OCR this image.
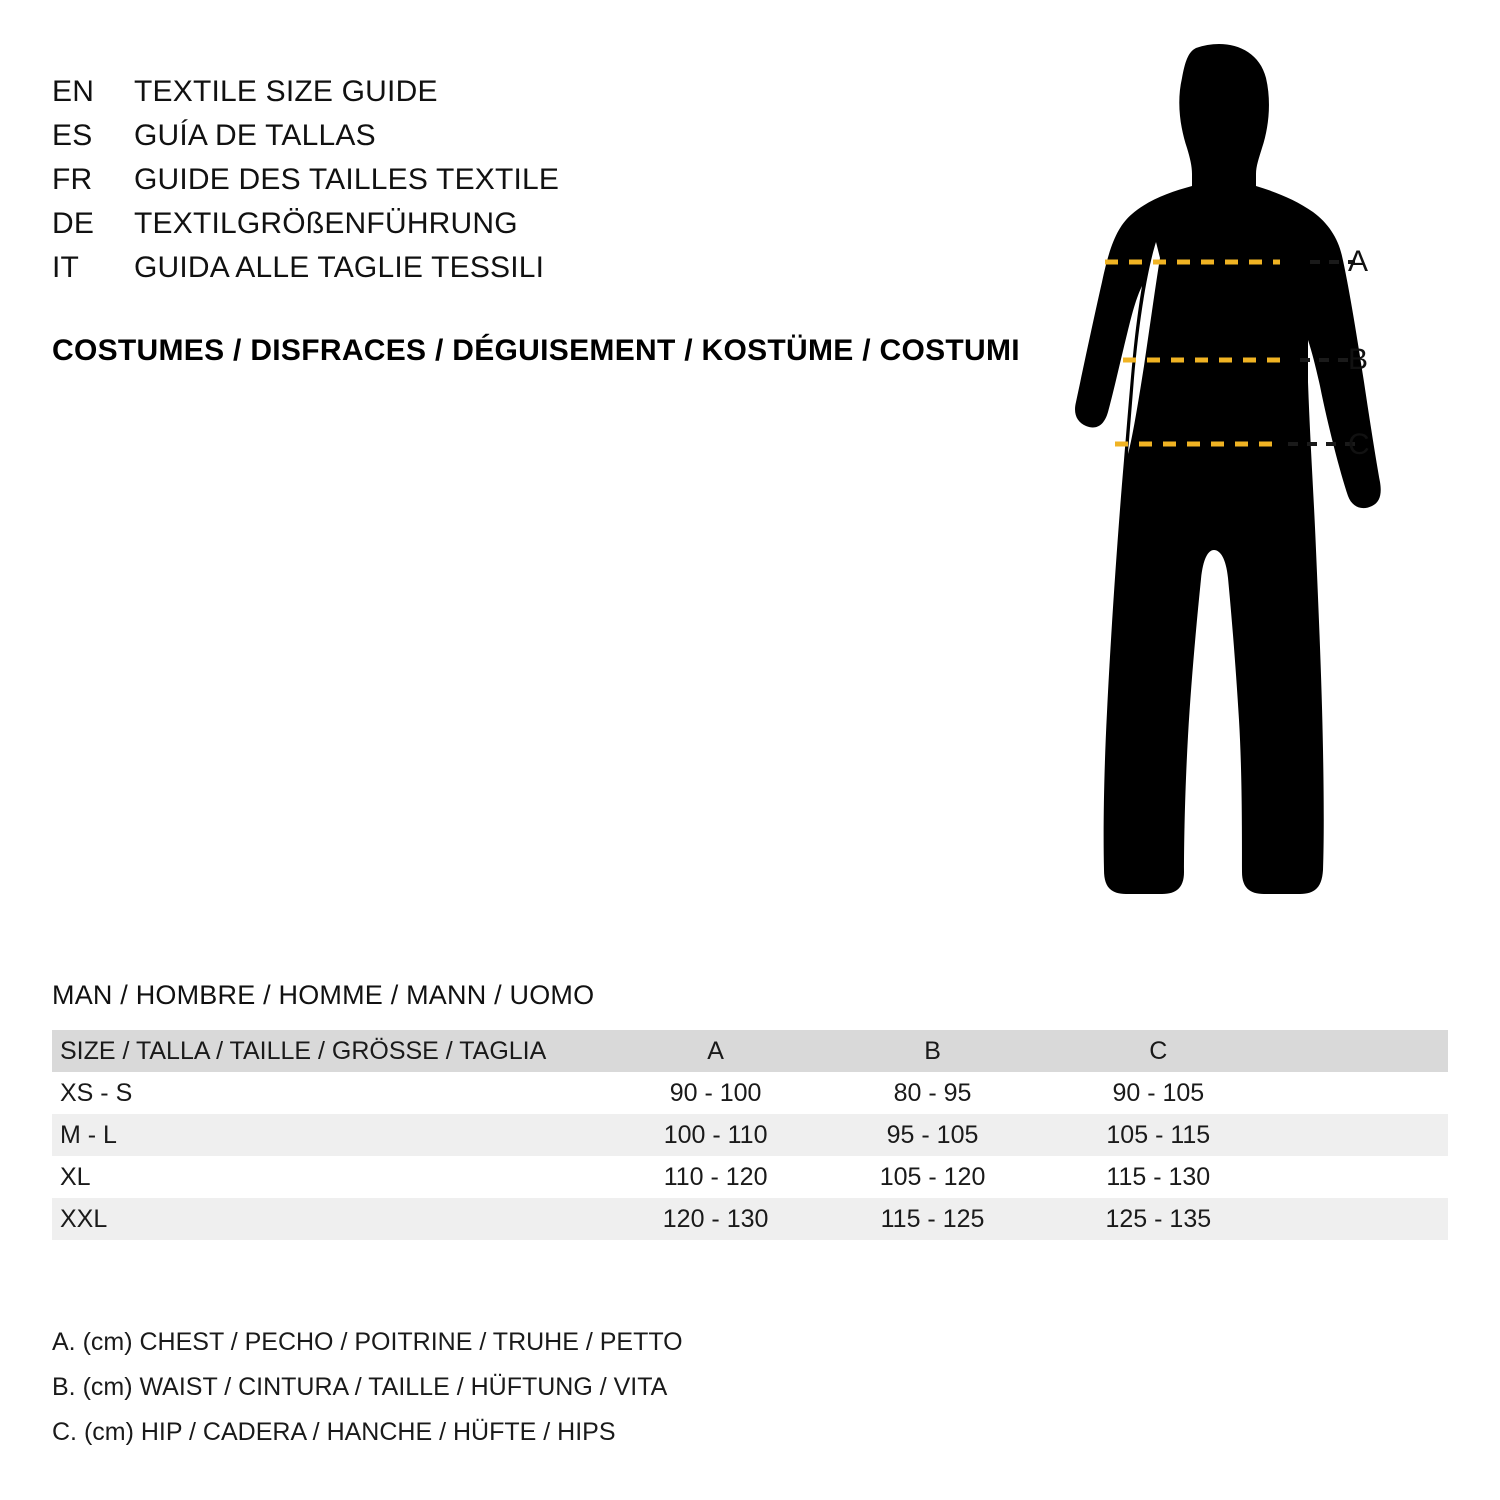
EN	TEXTILE SIZE GUIDE
ES	GUÍA DE TALLAS
FR	GUIDE DES TAILLES TEXTILE
DE	TEXTILGRÖßENFÜHRUNG
IT	GUIDA ALLE TAGLIE TESSILI
COSTUMES / DISFRACES / DÉGUISEMENT / KOSTÜME / COSTUMI
A
B
C
MAN / HOMBRE / HOMME / MANN / UOMO
SIZE / TALLA / TAILLE / GRÖSSE / TAGLIA	A	B	C	
XS - S	90 - 100	80 - 95	90 - 105	
M - L	100 - 110	95 - 105	105 - 115	
XL	110 - 120	105 - 120	115 - 130	
XXL	120 - 130	115 - 125	125 - 135	
A. (cm) CHEST / PECHO / POITRINE / TRUHE / PETTO
B. (cm) WAIST / CINTURA / TAILLE / HÜFTUNG / VITA
C. (cm) HIP / CADERA / HANCHE / HÜFTE / HIPS
